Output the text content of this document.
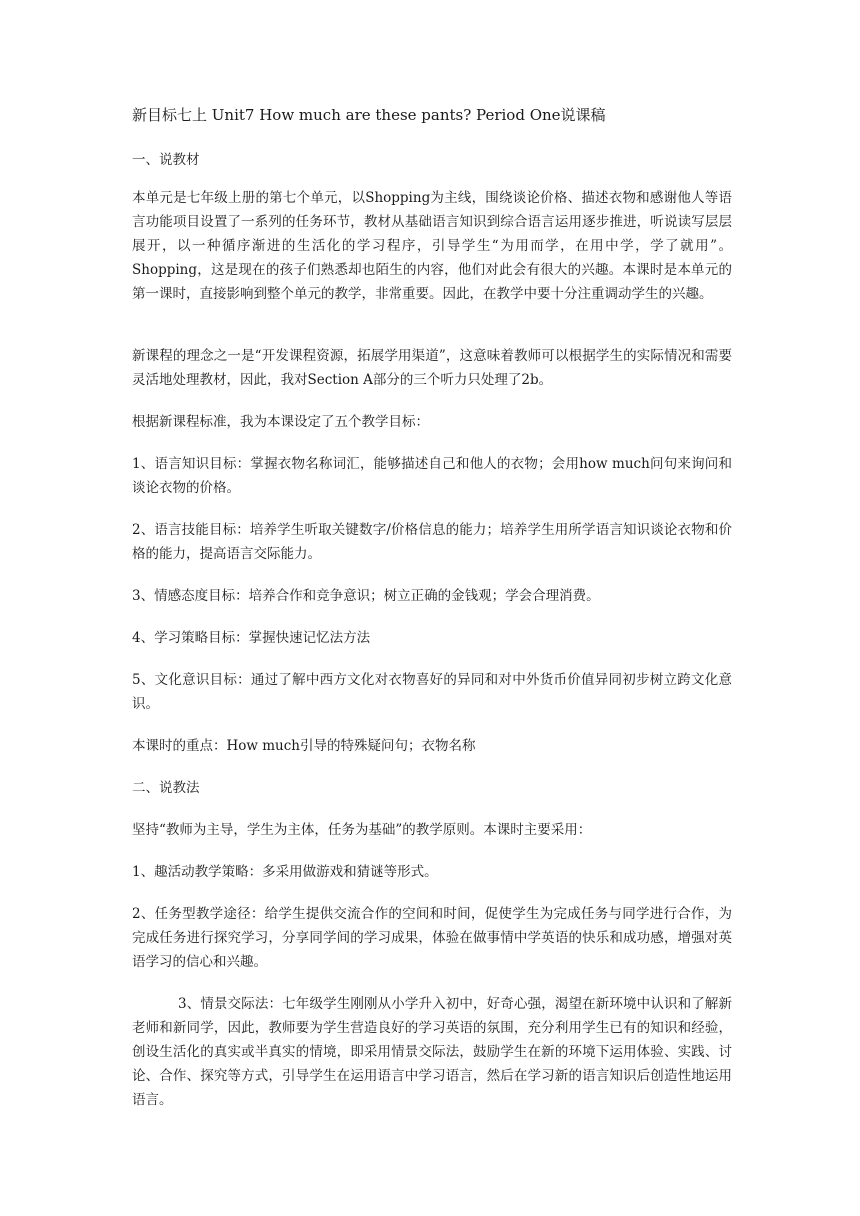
新目标七上 Unit7 How much are these pants? Period One说课稿

一、说教材

本单元是七年级上册的第七个单元，以Shopping为主线，围绕谈论价格、描述衣物和感谢他人等语言功能项目设置了一系列的任务环节，教材从基础语言知识到综合语言运用逐步推进，听说读写层层展开，以一种循序渐进的生活化的学习程序，引导学生“为用而学，在用中学，学了就用”。Shopping，这是现在的孩子们熟悉却也陌生的内容，他们对此会有很大的兴趣。本课时是本单元的第一课时，直接影响到整个单元的教学，非常重要。因此，在教学中要十分注重调动学生的兴趣。

新课程的理念之一是“开发课程资源，拓展学用渠道”，这意味着教师可以根据学生的实际情况和需要灵活地处理教材，因此，我对Section A部分的三个听力只处理了2b。

根据新课程标准，我为本课设定了五个教学目标：

1、语言知识目标：掌握衣物名称词汇，能够描述自己和他人的衣物；会用how much问句来询问和谈论衣物的价格。

2、语言技能目标：培养学生听取关键数字/价格信息的能力；培养学生用所学语言知识谈论衣物和价格的能力，提高语言交际能力。

3、情感态度目标：培养合作和竞争意识；树立正确的金钱观；学会合理消费。

4、学习策略目标：掌握快速记忆法方法

5、文化意识目标：通过了解中西方文化对衣物喜好的异同和对中外货币价值异同初步树立跨文化意识。

本课时的重点：How much引导的特殊疑问句；衣物名称

二、说教法

坚持“教师为主导，学生为主体，任务为基础”的教学原则。本课时主要采用：

1、趣活动教学策略：多采用做游戏和猜谜等形式。

2、任务型教学途径：给学生提供交流合作的空间和时间，促使学生为完成任务与同学进行合作，为完成任务进行探究学习，分享同学间的学习成果，体验在做事情中学英语的快乐和成功感，增强对英语学习的信心和兴趣。

3、情景交际法：七年级学生刚刚从小学升入初中，好奇心强，渴望在新环境中认识和了解新老师和新同学，因此，教师要为学生营造良好的学习英语的氛围，充分利用学生已有的知识和经验，创设生活化的真实或半真实的情境，即采用情景交际法，鼓励学生在新的环境下运用体验、实践、讨论、合作、探究等方式，引导学生在运用语言中学习语言，然后在学习新的语言知识后创造性地运用语言。
